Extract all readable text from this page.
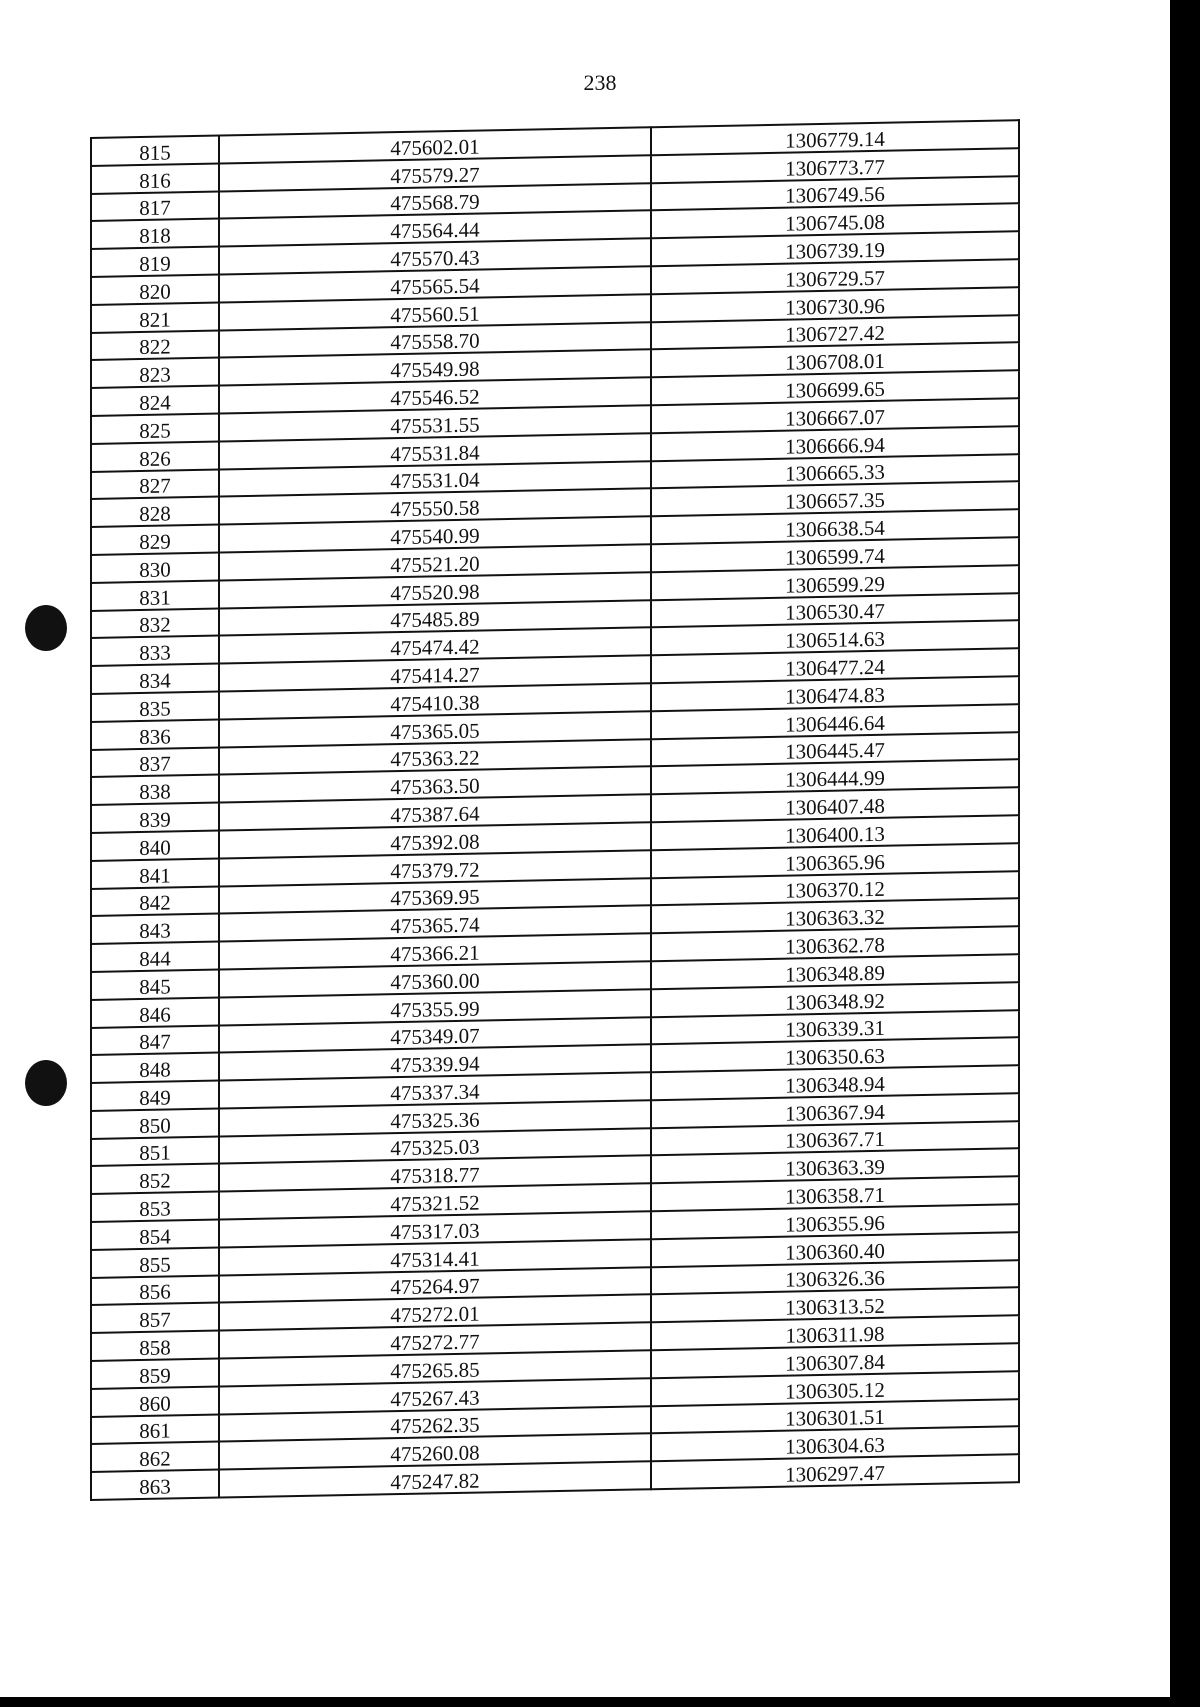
238
815	475602.01	1306779.14
816	475579.27	1306773.77
817	475568.79	1306749.56
818	475564.44	1306745.08
819	475570.43	1306739.19
820	475565.54	1306729.57
821	475560.51	1306730.96
822	475558.70	1306727.42
823	475549.98	1306708.01
824	475546.52	1306699.65
825	475531.55	1306667.07
826	475531.84	1306666.94
827	475531.04	1306665.33
828	475550.58	1306657.35
829	475540.99	1306638.54
830	475521.20	1306599.74
831	475520.98	1306599.29
832	475485.89	1306530.47
833	475474.42	1306514.63
834	475414.27	1306477.24
835	475410.38	1306474.83
836	475365.05	1306446.64
837	475363.22	1306445.47
838	475363.50	1306444.99
839	475387.64	1306407.48
840	475392.08	1306400.13
841	475379.72	1306365.96
842	475369.95	1306370.12
843	475365.74	1306363.32
844	475366.21	1306362.78
845	475360.00	1306348.89
846	475355.99	1306348.92
847	475349.07	1306339.31
848	475339.94	1306350.63
849	475337.34	1306348.94
850	475325.36	1306367.94
851	475325.03	1306367.71
852	475318.77	1306363.39
853	475321.52	1306358.71
854	475317.03	1306355.96
855	475314.41	1306360.40
856	475264.97	1306326.36
857	475272.01	1306313.52
858	475272.77	1306311.98
859	475265.85	1306307.84
860	475267.43	1306305.12
861	475262.35	1306301.51
862	475260.08	1306304.63
863	475247.82	1306297.47
